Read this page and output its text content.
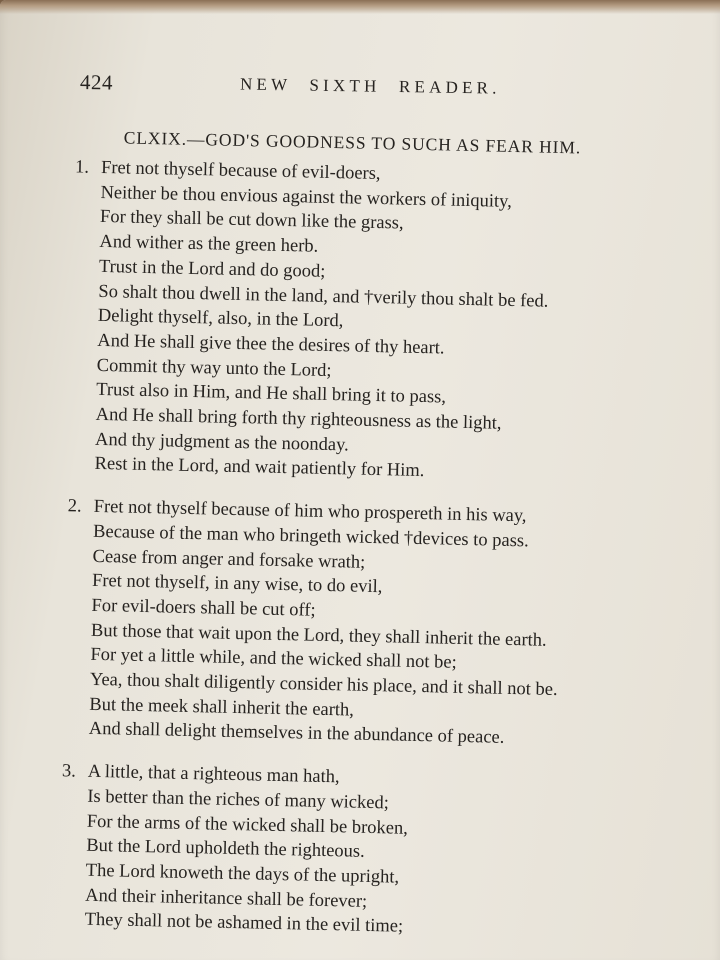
424	NEW SIXTH READER.
CLXIX.—GOD'S GOODNESS TO SUCH AS FEAR HIM.
1. Fret not thyself because of evil-doers,
Neither be thou envious against the workers of iniquity,
For they shall be cut down like the grass,
And wither as the green herb.
Trust in the Lord and do good;
So shalt thou dwell in the land, and †verily thou shalt be fed.
Delight thyself, also, in the Lord,
And He shall give thee the desires of thy heart.
Commit thy way unto the Lord;
Trust also in Him, and He shall bring it to pass,
And He shall bring forth thy righteousness as the light,
And thy judgment as the noonday.
Rest in the Lord, and wait patiently for Him.
2. Fret not thyself because of him who prospereth in his way,
Because of the man who bringeth wicked †devices to pass.
Cease from anger and forsake wrath;
Fret not thyself, in any wise, to do evil,
For evil-doers shall be cut off;
But those that wait upon the Lord, they shall inherit the earth.
For yet a little while, and the wicked shall not be;
Yea, thou shalt diligently consider his place, and it shall not be.
But the meek shall inherit the earth,
And shall delight themselves in the abundance of peace.
3. A little, that a righteous man hath,
Is better than the riches of many wicked;
For the arms of the wicked shall be broken,
But the Lord upholdeth the righteous.
The Lord knoweth the days of the upright,
And their inheritance shall be forever;
They shall not be ashamed in the evil time;
